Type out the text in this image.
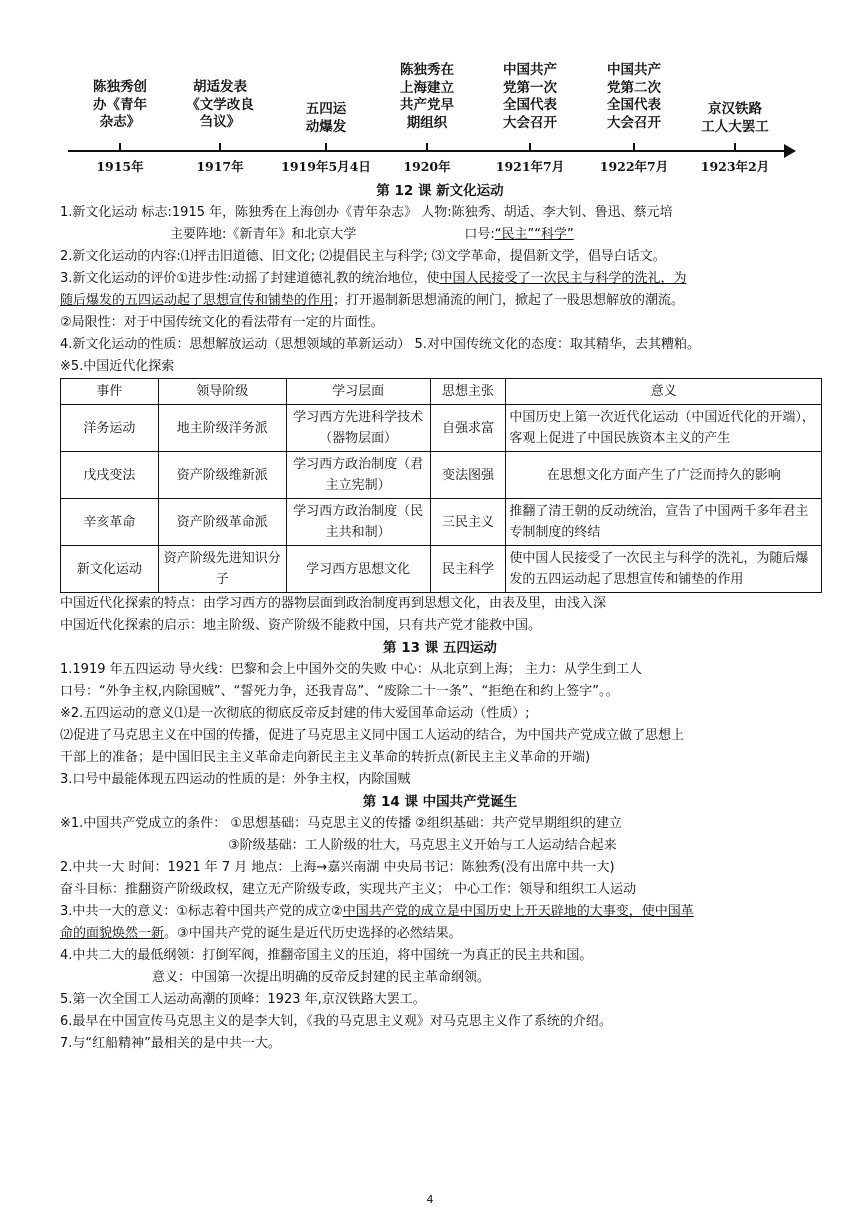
陈独秀创
办《青年
杂志》
1915年
胡适发表
《文学改良
刍议》
1917年
五四运
动爆发
1919年5月4日
陈独秀在
上海建立
共产党早
期组织
1920年
中国共产
党第一次
全国代表
大会召开
1921年7月
中国共产
党第二次
全国代表
大会召开
1922年7月
京汉铁路
工人大罢工
1923年2月
第 12 课 新文化运动
1.新文化运动 标志:1915 年，陈独秀在上海创办《青年杂志》 人物:陈独秀、胡适、李大钊、鲁迅、蔡元培
主要阵地:《新青年》和北京大学	口号:“民主”“科学”
2.新文化运动的内容:⑴抨击旧道德、旧文化; ⑵提倡民主与科学; ⑶文学革命，提倡新文学，倡导白话文。
3.新文化运动的评价①进步性:动摇了封建道德礼教的统治地位，使中国人民接受了一次民主与科学的洗礼，为
随后爆发的五四运动起了思想宣传和铺垫的作用；打开遏制新思想涌流的闸门，掀起了一股思想解放的潮流。
②局限性：对于中国传统文化的看法带有一定的片面性。
4.新文化运动的性质：思想解放运动（思想领域的革新运动） 5.对中国传统文化的态度：取其精华，去其糟粕。
※5.中国近代化探索
事件	领导阶级	学习层面	思想主张	意义
洋务运动	地主阶级洋务派	学习西方先进科学技术（器物层面）	自强求富	中国历史上第一次近代化运动（中国近代化的开端），客观上促进了中国民族资本主义的产生
戊戌变法	资产阶级维新派	学习西方政治制度（君主立宪制）	变法图强	在思想文化方面产生了广泛而持久的影响
辛亥革命	资产阶级革命派	学习西方政治制度（民主共和制）	三民主义	推翻了清王朝的反动统治，宣告了中国两千多年君主专制制度的终结
新文化运动	资产阶级先进知识分子	学习西方思想文化	民主科学	使中国人民接受了一次民主与科学的洗礼，为随后爆发的五四运动起了思想宣传和铺垫的作用
中国近代化探索的特点：由学习西方的器物层面到政治制度再到思想文化，由表及里，由浅入深
中国近代化探索的启示：地主阶级、资产阶级不能救中国，只有共产党才能救中国。
第 13 课 五四运动
1.1919 年五四运动 导火线：巴黎和会上中国外交的失败 中心：从北京到上海； 主力：从学生到工人
口号：“外争主权,内除国贼”、“誓死力争，还我青岛”、“废除二十一条”、“拒绝在和约上签字”。。
※2.五四运动的意义⑴是一次彻底的彻底反帝反封建的伟大爱国革命运动（性质）;
⑵促进了马克思主义在中国的传播，促进了马克思主义同中国工人运动的结合，为中国共产党成立做了思想上
干部上的准备；是中国旧民主主义革命走向新民主主义革命的转折点(新民主主义革命的开端)
3.口号中最能体现五四运动的性质的是：外争主权，内除国贼
第 14 课 中国共产党诞生
※1.中国共产党成立的条件： ①思想基础：马克思主义的传播 ②组织基础：共产党早期组织的建立
③阶级基础：工人阶级的壮大，马克思主义开始与工人运动结合起来
2.中共一大 时间：1921 年 7 月 地点：上海→嘉兴南湖 中央局书记：陈独秀(没有出席中共一大)
奋斗目标：推翻资产阶级政权，建立无产阶级专政，实现共产主义； 中心工作：领导和组织工人运动
3.中共一大的意义：①标志着中国共产党的成立②中国共产党的成立是中国历史上开天辟地的大事变，使中国革
命的面貌焕然一新。③中国共产党的诞生是近代历史选择的必然结果。
4.中共二大的最低纲领：打倒军阀，推翻帝国主义的压迫，将中国统一为真正的民主共和国。
意义：中国第一次提出明确的反帝反封建的民主革命纲领。
5.第一次全国工人运动高潮的顶峰：1923 年,京汉铁路大罢工。
6.最早在中国宣传马克思主义的是李大钊，《我的马克思主义观》对马克思主义作了系统的介绍。
7.与“红船精神”最相关的是中共一大。
4
